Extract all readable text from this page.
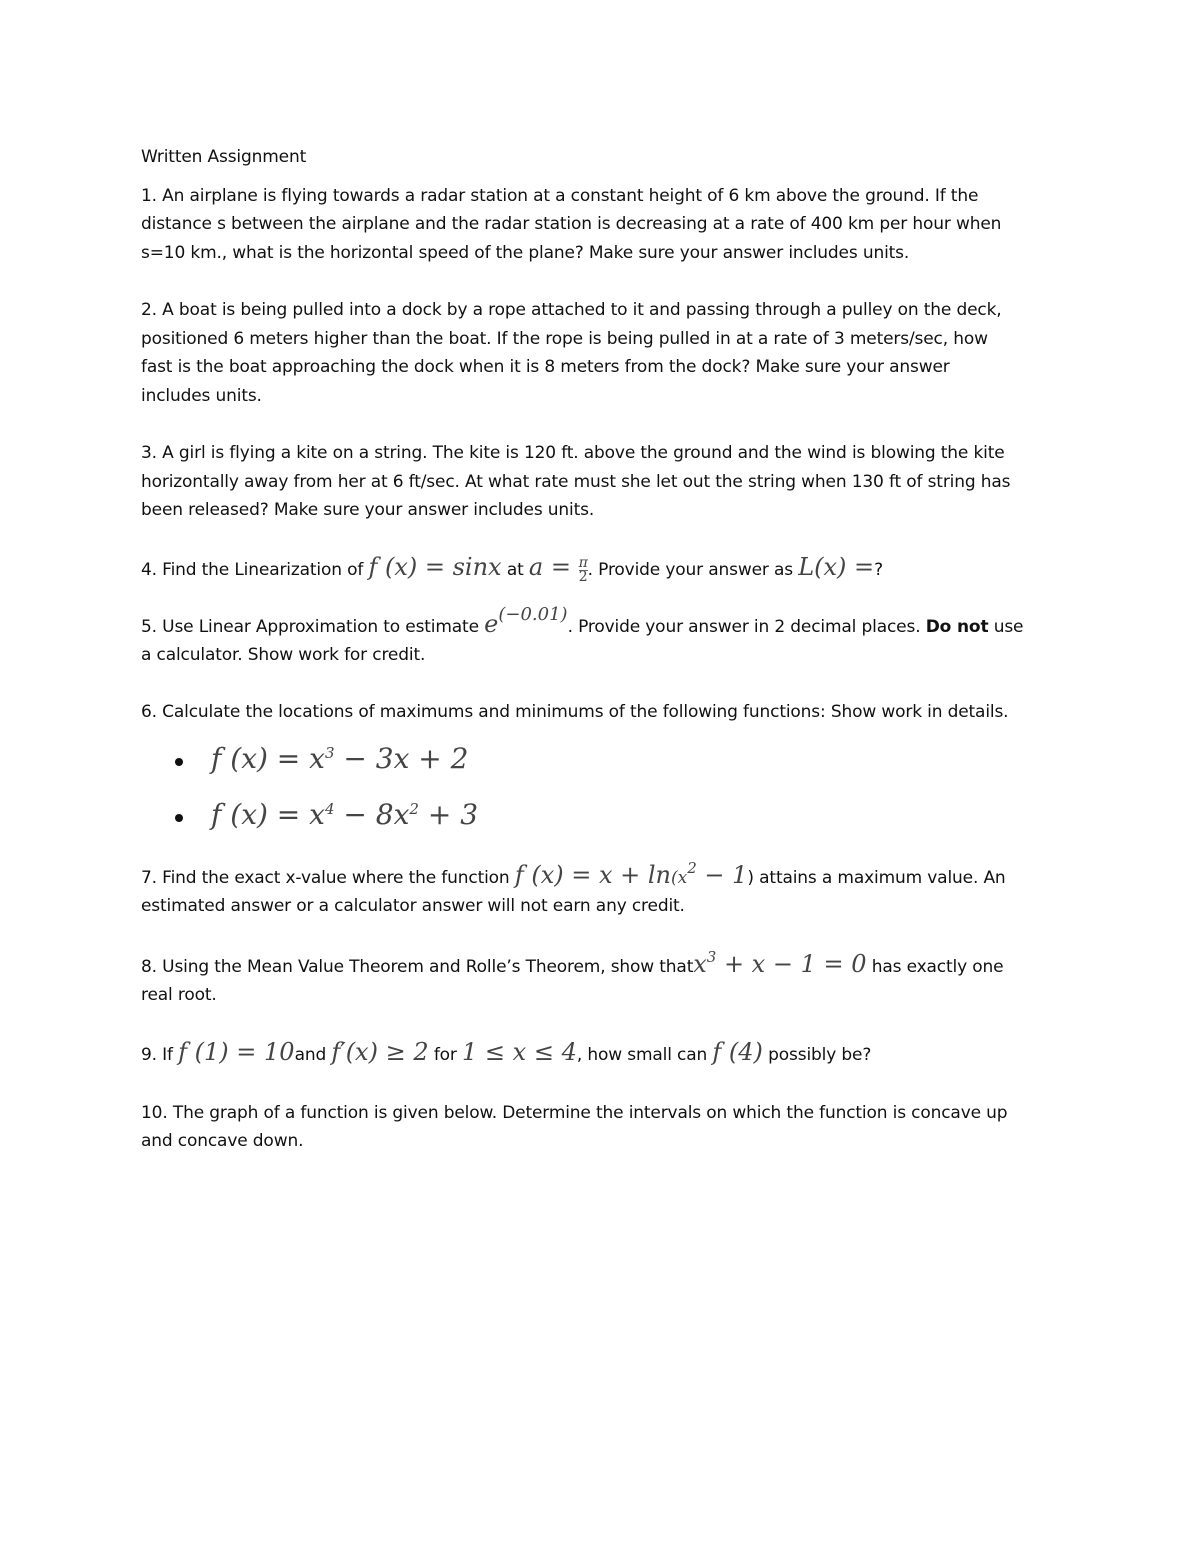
Written Assignment
1. An airplane is flying towards a radar station at a constant height of 6 km above the ground. If the
distance s between the airplane and the radar station is decreasing at a rate of 400 km per hour when
s=10 km., what is the horizontal speed of the plane? Make sure your answer includes units.
2. A boat is being pulled into a dock by a rope attached to it and passing through a pulley on the deck,
positioned 6 meters higher than the boat. If the rope is being pulled in at a rate of 3 meters/sec, how
fast is the boat approaching the dock when it is 8 meters from the dock? Make sure your answer
includes units.
3. A girl is flying a kite on a string. The kite is 120 ft. above the ground and the wind is blowing the kite
horizontally away from her at 6 ft/sec. At what rate must she let out the string when 130 ft of string has
been released? Make sure your answer includes units.
4. Find the Linearization of f (x) = sinx at $a = \frac{\pi}{2}$ . Provide your answer as L(x) =?
5. Use Linear Approximation to estimate $e^{(-0.01)}$. Provide your answer in 2 decimal places. Do not use
a calculator. Show work for credit.
6. Calculate the locations of maximums and minimums of the following functions: Show work in details.
f $(x) = x^3 - 3x + 2$
f $(x) = x^4 - 8x^2 + 3$
7. Find the exact x-value where the function f $(x) = x + \ln(x^2 - 1)$ attains a maximum value. An
estimated answer or a calculator answer will not earn any credit.
8. Using the Mean Value Theorem and Rolle’s Theorem, show thatx$^3$ + x − 1 = 0 has exactly one
real root.
9. If f (1) = 10and f′(x) ≥ 2 for 1 ≤ x ≤ 4, how small can f (4) possibly be?
10. The graph of a function is given below. Determine the intervals on which the function is concave up
and concave down.
